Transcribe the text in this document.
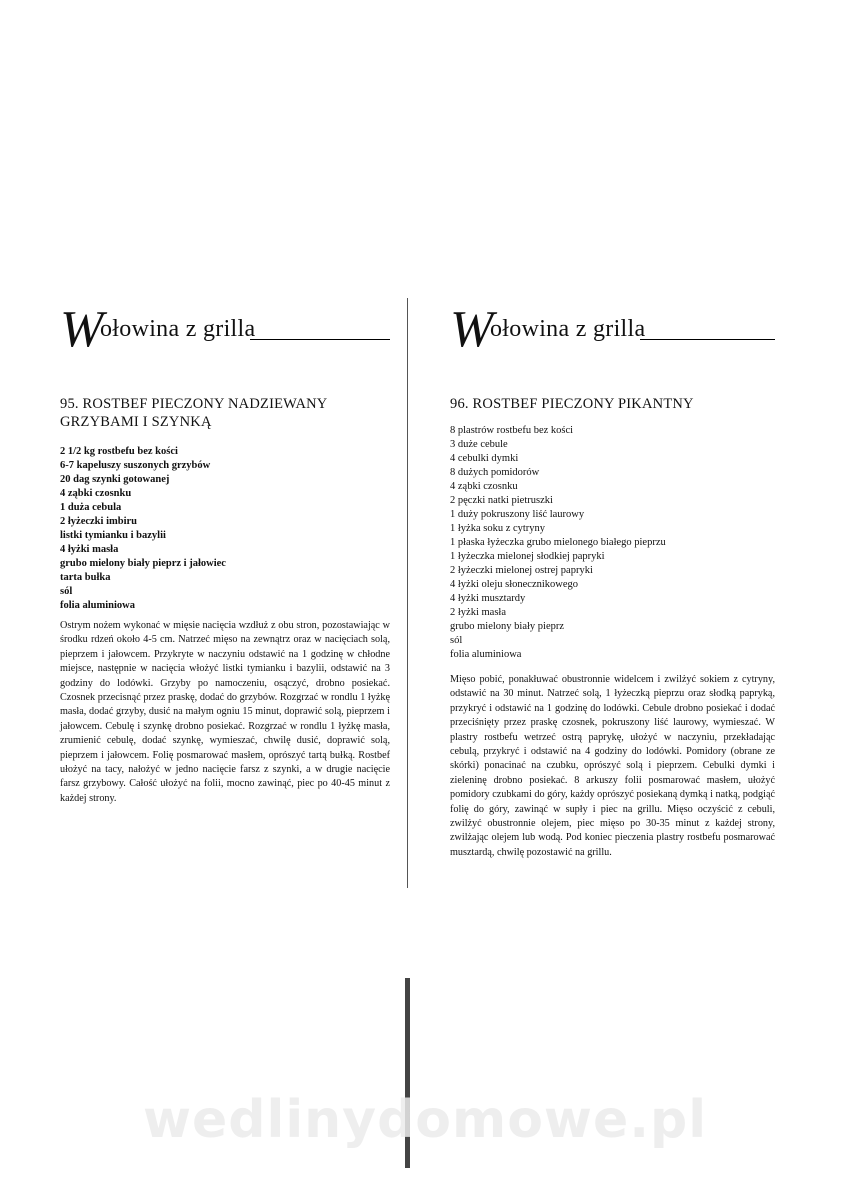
W
ołowina z grilla
95. ROSTBEF PIECZONY NADZIEWANY GRZYBAMI I SZYNKĄ
2 1/2 kg rostbefu bez kości
6-7 kapeluszy suszonych grzybów
20 dag szynki gotowanej
4 ząbki czosnku
1 duża cebula
2 łyżeczki imbiru
listki tymianku i bazylii
4 łyżki masła
grubo mielony biały pieprz i jałowiec
tarta bułka
sól
folia aluminiowa

Ostrym nożem wykonać w mięsie nacięcia wzdłuż z obu stron, pozostawiając w środku rdzeń około 4-5 cm. Natrzeć mięso na zewnątrz oraz w nacięciach solą, pieprzem i jałowcem. Przykryte w naczyniu odstawić na 1 godzinę w chłodne miejsce, następnie w nacięcia włożyć listki tymianku i bazylii, odstawić na 3 godziny do lodówki. Grzyby po namoczeniu, osączyć, drobno posiekać. Czosnek przecisnąć przez praskę, dodać do grzybów. Rozgrzać w rondlu 1 łyżkę masła, dodać grzyby, dusić na małym ogniu 15 minut, doprawić solą, pieprzem i jałowcem. Cebulę i szynkę drobno posiekać. Rozgrzać w rondlu 1 łyżkę masła, zrumienić cebulę, dodać szynkę, wymieszać, chwilę dusić, doprawić solą, pieprzem i jałowcem. Folię posmarować masłem, oprószyć tartą bułką. Rostbef ułożyć na tacy, nałożyć w jedno nacięcie farsz z szynki, a w drugie nacięcie farsz grzybowy. Całość ułożyć na folii, mocno zawinąć, piec po 40-45 minut z każdej strony.

W
ołowina z grilla
96. ROSTBEF PIECZONY PIKANTNY
8 plastrów rostbefu bez kości
3 duże cebule
4 cebulki dymki
8 dużych pomidorów
4 ząbki czosnku
2 pęczki natki pietruszki
1 duży pokruszony liść laurowy
1 łyżka soku z cytryny
1 płaska łyżeczka grubo mielonego białego pieprzu
1 łyżeczka mielonej słodkiej papryki
2 łyżeczki mielonej ostrej papryki
4 łyżki oleju słonecznikowego
4 łyżki musztardy
2 łyżki masła
grubo mielony biały pieprz
sól
folia aluminiowa

Mięso pobić, ponakłuwać obustronnie widelcem i zwilżyć sokiem z cytryny, odstawić na 30 minut. Natrzeć solą, 1 łyżeczką pieprzu oraz słodką papryką, przykryć i odstawić na 1 godzinę do lodówki. Cebule drobno posiekać i dodać przeciśnięty przez praskę czosnek, pokruszony liść laurowy, wymieszać. W plastry rostbefu wetrzeć ostrą paprykę, ułożyć w naczyniu, przekładając cebulą, przykryć i odstawić na 4 godziny do lodówki. Pomidory (obrane ze skórki) ponacinać na czubku, oprószyć solą i pieprzem. Cebulki dymki i zieleninę drobno posiekać. 8 arkuszy folii posmarować masłem, ułożyć pomidory czubkami do góry, każdy oprószyć posiekaną dymką i natką, podgiąć folię do góry, zawinąć w supły i piec na grillu. Mięso oczyścić z cebuli, zwilżyć obustronnie olejem, piec mięso po 30-35 minut z każdej strony, zwilżając olejem lub wodą. Pod koniec pieczenia plastry rostbefu posmarować musztardą, chwilę pozostawić na grillu.

wedlinydomowe.pl
